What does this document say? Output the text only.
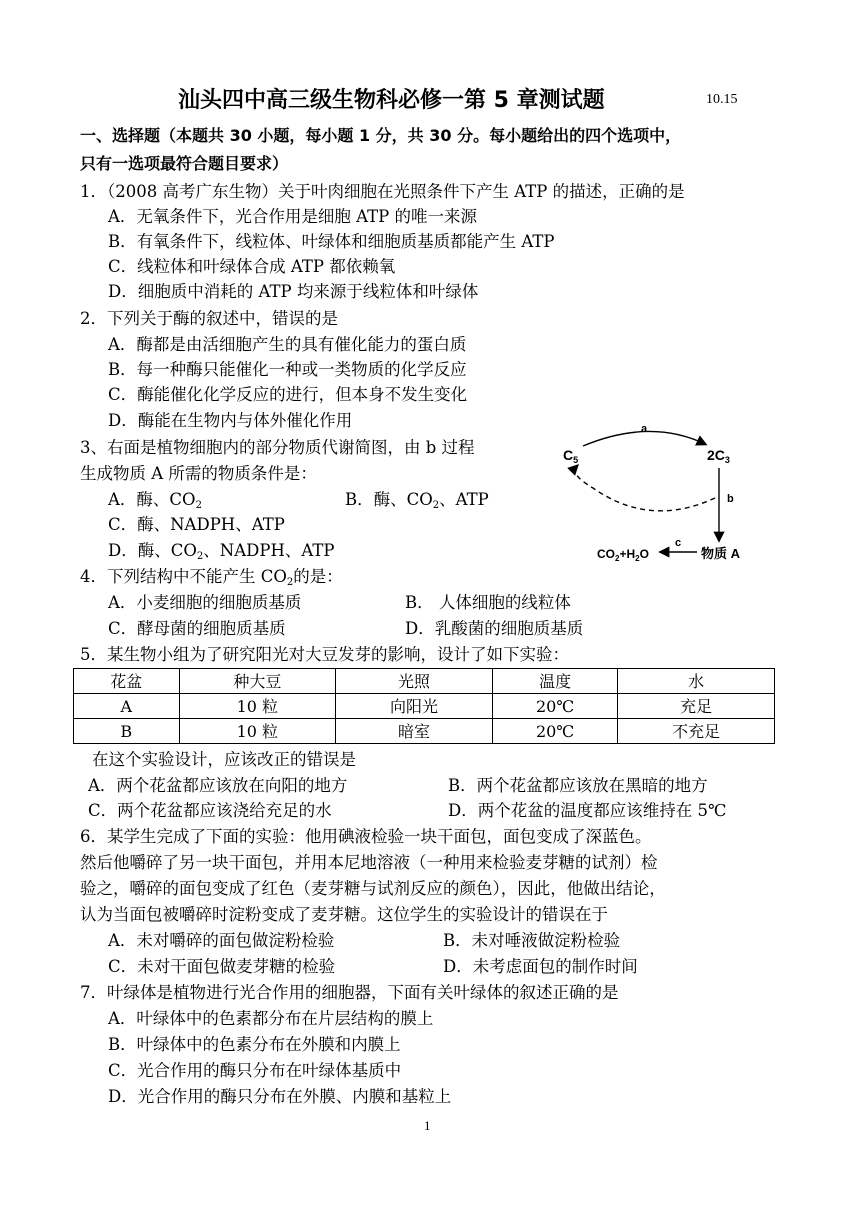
汕头四中高三级生物科必修一第 5 章测试题	10.15
一、选择题（本题共 30 小题，每小题 1 分，共 30 分。每小题给出的四个选项中，
只有一选项最符合题目要求）
1．（2008 高考广东生物）关于叶肉细胞在光照条件下产生 ATP 的描述，正确的是
A．无氧条件下，光合作用是细胞 ATP 的唯一来源
B．有氧条件下，线粒体、叶绿体和细胞质基质都能产生 ATP
C．线粒体和叶绿体合成 ATP 都依赖氧
D．细胞质中消耗的 ATP 均来源于线粒体和叶绿体
2．下列关于酶的叙述中，错误的是
A．酶都是由活细胞产生的具有催化能力的蛋白质
B．每一种酶只能催化一种或一类物质的化学反应
C．酶能催化化学反应的进行，但本身不发生变化
D．酶能在生物内与体外催化作用
3、右面是植物细胞内的部分物质代谢简图，由 b 过程
生成物质 A 所需的物质条件是：
A．酶、$CO_2$	B．酶、$CO_2$、ATP
C．酶、NADPH、ATP
D．酶、$CO_2$、NADPH、ATP
$C_5$	$2C_3$
a
b
$CO_2+H_2O$
c
物质 A
4．下列结构中不能产生 $CO_2$的是：
A．小麦细胞的细胞质基质	B． 人体细胞的线粒体
C．酵母菌的细胞质基质	D．乳酸菌的细胞质基质
5．某生物小组为了研究阳光对大豆发芽的影响，设计了如下实验：
花盆	种大豆	光照	温度	水
A	10 粒	向阳光	20℃	充足
B	10 粒	暗室	20℃	不充足
在这个实验设计，应该改正的错误是
A．两个花盆都应该放在向阳的地方	B．两个花盆都应该放在黑暗的地方
C．两个花盆都应该浇给充足的水	D．两个花盆的温度都应该维持在 5℃
6．某学生完成了下面的实验：他用碘液检验一块干面包，面包变成了深蓝色。
然后他嚼碎了另一块干面包，并用本尼地溶液（一种用来检验麦芽糖的试剂）检
验之，嚼碎的面包变成了红色（麦芽糖与试剂反应的颜色），因此，他做出结论，
认为当面包被嚼碎时淀粉变成了麦芽糖。这位学生的实验设计的错误在于
A．未对嚼碎的面包做淀粉检验	B．未对唾液做淀粉检验
C．未对干面包做麦芽糖的检验	D．未考虑面包的制作时间
7．叶绿体是植物进行光合作用的细胞器，下面有关叶绿体的叙述正确的是
A．叶绿体中的色素都分布在片层结构的膜上
B．叶绿体中的色素分布在外膜和内膜上
C．光合作用的酶只分布在叶绿体基质中
D．光合作用的酶只分布在外膜、内膜和基粒上
1
